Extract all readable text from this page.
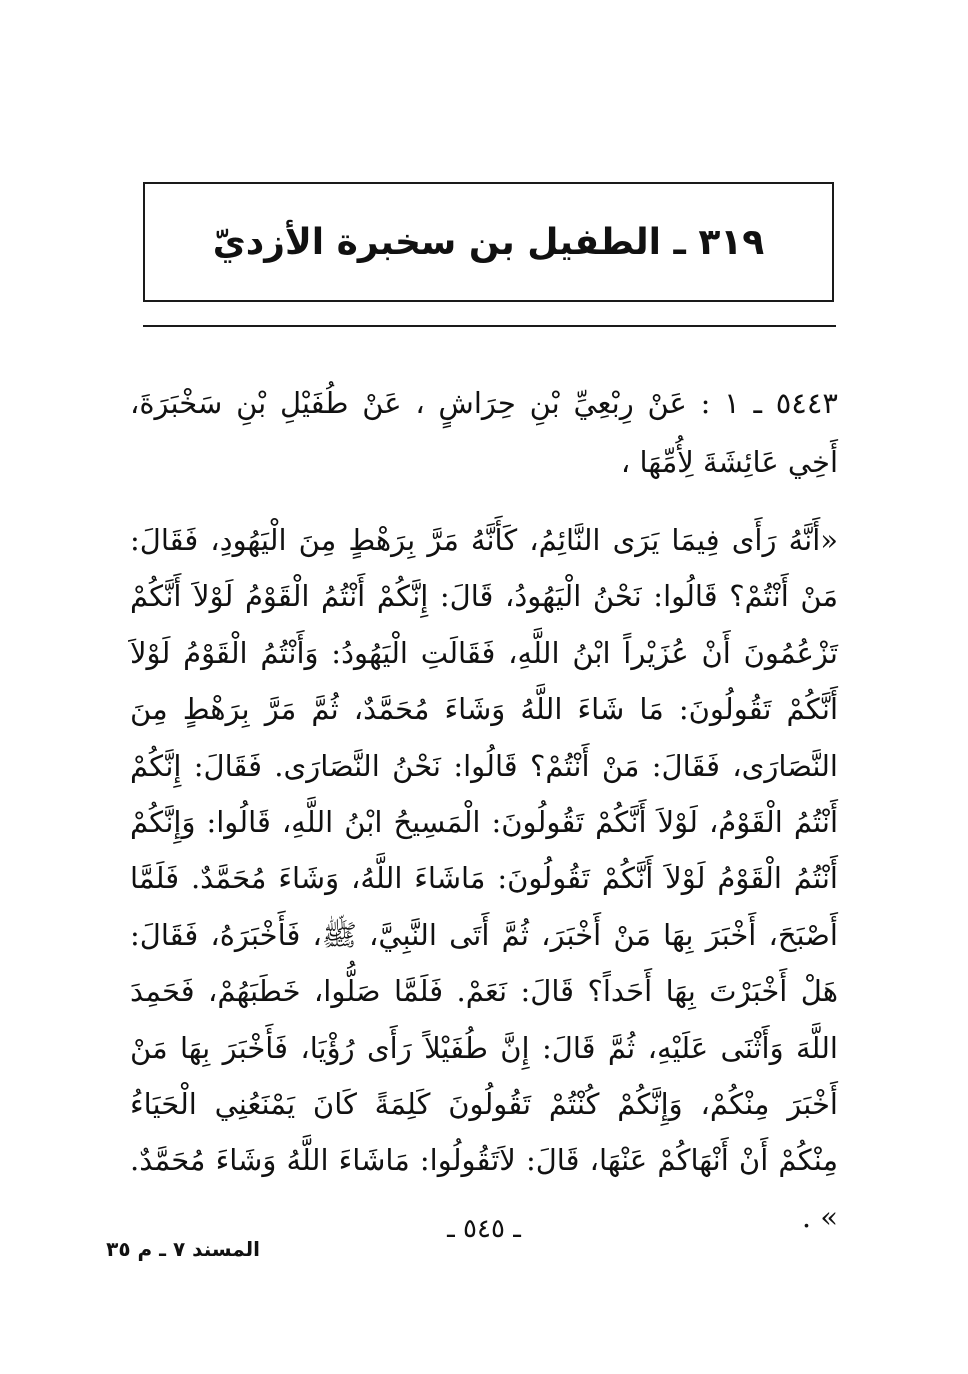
٣١٩ ـ الطفيل بن سخبرة الأزديّ

٥٤٤٣ ـ ١ : عَنْ رِبْعِيِّ بْنِ حِرَاشٍ ، عَنْ طُفَيْلِ بْنِ سَخْبَرَةَ، أَخِي عَائِشَةَ لِأُمِّهَا ،

«أَنَّهُ رَأَى فِيمَا يَرَى النَّائِمُ، كَأَنَّهُ مَرَّ بِرَهْطٍ مِنَ الْيَهُودِ، فَقَالَ: مَنْ أَنْتُمْ؟ قَالُوا: نَحْنُ الْيَهُودُ، قَالَ: إِنَّكُمْ أَنْتُمُ الْقَوْمُ لَوْلاَ أَنَّكُمْ تَزْعُمُونَ أَنْ عُزَيْراً ابْنُ اللَّهِ، فَقَالَتِ الْيَهُودُ: وَأَنْتُمُ الْقَوْمُ لَوْلاَ أَنَّكُمْ تَقُولُونَ: مَا شَاءَ اللَّهُ وَشَاءَ مُحَمَّدٌ، ثُمَّ مَرَّ بِرَهْطٍ مِنَ النَّصَارَى، فَقَالَ: مَنْ أَنْتُمْ؟ قَالُوا: نَحْنُ النَّصَارَى. فَقَالَ: إِنَّكُمْ أَنْتُمُ الْقَوْمُ، لَوْلاَ أَنَّكُمْ تَقُولُونَ: الْمَسِيحُ ابْنُ اللَّهِ، قَالُوا: وَإِنَّكُمْ أَنْتُمُ الْقَوْمُ لَوْلاَ أَنَّكُمْ تَقُولُونَ: مَاشَاءَ اللَّهُ، وَشَاءَ مُحَمَّدٌ. فَلَمَّا أَصْبَحَ، أَخْبَرَ بِهَا مَنْ أَخْبَرَ، ثُمَّ أَتَى النَّبِيَّ، ﷺ، فَأَخْبَرَهُ، فَقَالَ: هَلْ أَخْبَرْتَ بِهَا أَحَداً؟ قَالَ: نَعَمْ. فَلَمَّا صَلُّوا، خَطَبَهُمْ، فَحَمِدَ اللَّهَ وَأَثْنَى عَلَيْهِ، ثُمَّ قَالَ: إِنَّ طُفَيْلاً رَأَى رُؤْيَا، فَأَخْبَرَ بِهَا مَنْ أَخْبَرَ مِنْكُمْ، وَإِنَّكُمْ كُنْتُمْ تَقُولُونَ كَلِمَةً كَانَ يَمْنَعُنِي الْحَيَاءُ مِنْكُمْ أَنْ أَنْهَاكُمْ عَنْهَا، قَالَ: لاَتَقُولُوا: مَاشَاءَ اللَّهُ وَشَاءَ مُحَمَّدٌ. » .

ـ ٥٤٥ ـ

المسند ٧ ـ م ٣٥
